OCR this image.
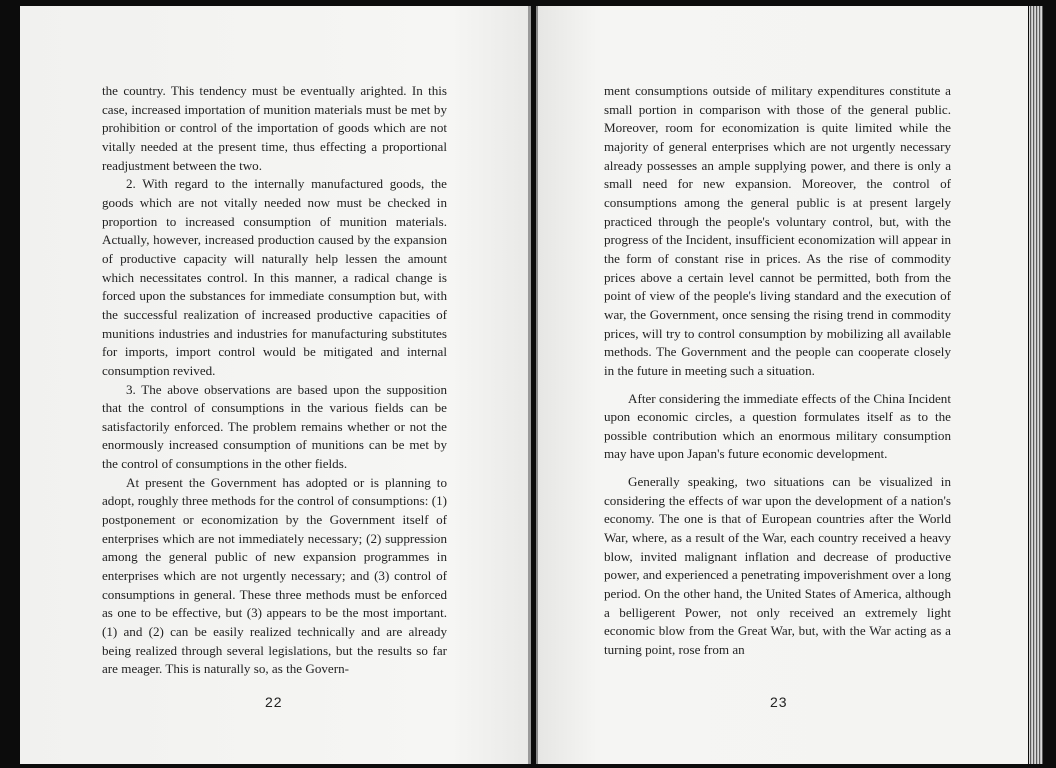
the country. This tendency must be eventually arighted. In this case, increased importation of munition materials must be met by prohibition or control of the importation of goods which are not vitally needed at the present time, thus effecting a proportional readjustment between the two.

2. With regard to the internally manufactured goods, the goods which are not vitally needed now must be checked in proportion to increased consumption of munition materials. Actually, however, increased production caused by the expansion of productive capacity will naturally help lessen the amount which necessitates control. In this manner, a radical change is forced upon the substances for immediate consumption but, with the successful realization of increased productive capacities of munitions industries and industries for manufacturing substitutes for imports, import control would be mitigated and internal consumption revived.

3. The above observations are based upon the supposition that the control of consumptions in the various fields can be satisfactorily enforced. The problem remains whether or not the enormously increased consumption of munitions can be met by the control of consumptions in the other fields.

At present the Government has adopted or is planning to adopt, roughly three methods for the control of consumptions: (1) postponement or economization by the Government itself of enterprises which are not immediately necessary; (2) suppression among the general public of new expansion programmes in enterprises which are not urgently necessary; and (3) control of consumptions in general. These three methods must be enforced as one to be effective, but (3) appears to be the most important. (1) and (2) can be easily realized technically and are already being realized through several legislations, but the results so far are meager. This is naturally so, as the Govern-

22

ment consumptions outside of military expenditures constitute a small portion in comparison with those of the general public. Moreover, room for economization is quite limited while the majority of general enterprises which are not urgently necessary already possesses an ample supplying power, and there is only a small need for new expansion. Moreover, the control of consumptions among the general public is at present largely practiced through the people's voluntary control, but, with the progress of the Incident, insufficient economization will appear in the form of constant rise in prices. As the rise of commodity prices above a certain level cannot be permitted, both from the point of view of the people's living standard and the execution of war, the Government, once sensing the rising trend in commodity prices, will try to control consumption by mobilizing all available methods. The Government and the people can cooperate closely in the future in meeting such a situation.

After considering the immediate effects of the China Incident upon economic circles, a question formulates itself as to the possible contribution which an enormous military consumption may have upon Japan's future economic development.

Generally speaking, two situations can be visualized in considering the effects of war upon the development of a nation's economy. The one is that of European countries after the World War, where, as a result of the War, each country received a heavy blow, invited malignant inflation and decrease of productive power, and experienced a penetrating impoverishment over a long period. On the other hand, the United States of America, although a belligerent Power, not only received an extremely light economic blow from the Great War, but, with the War acting as a turning point, rose from an

23
